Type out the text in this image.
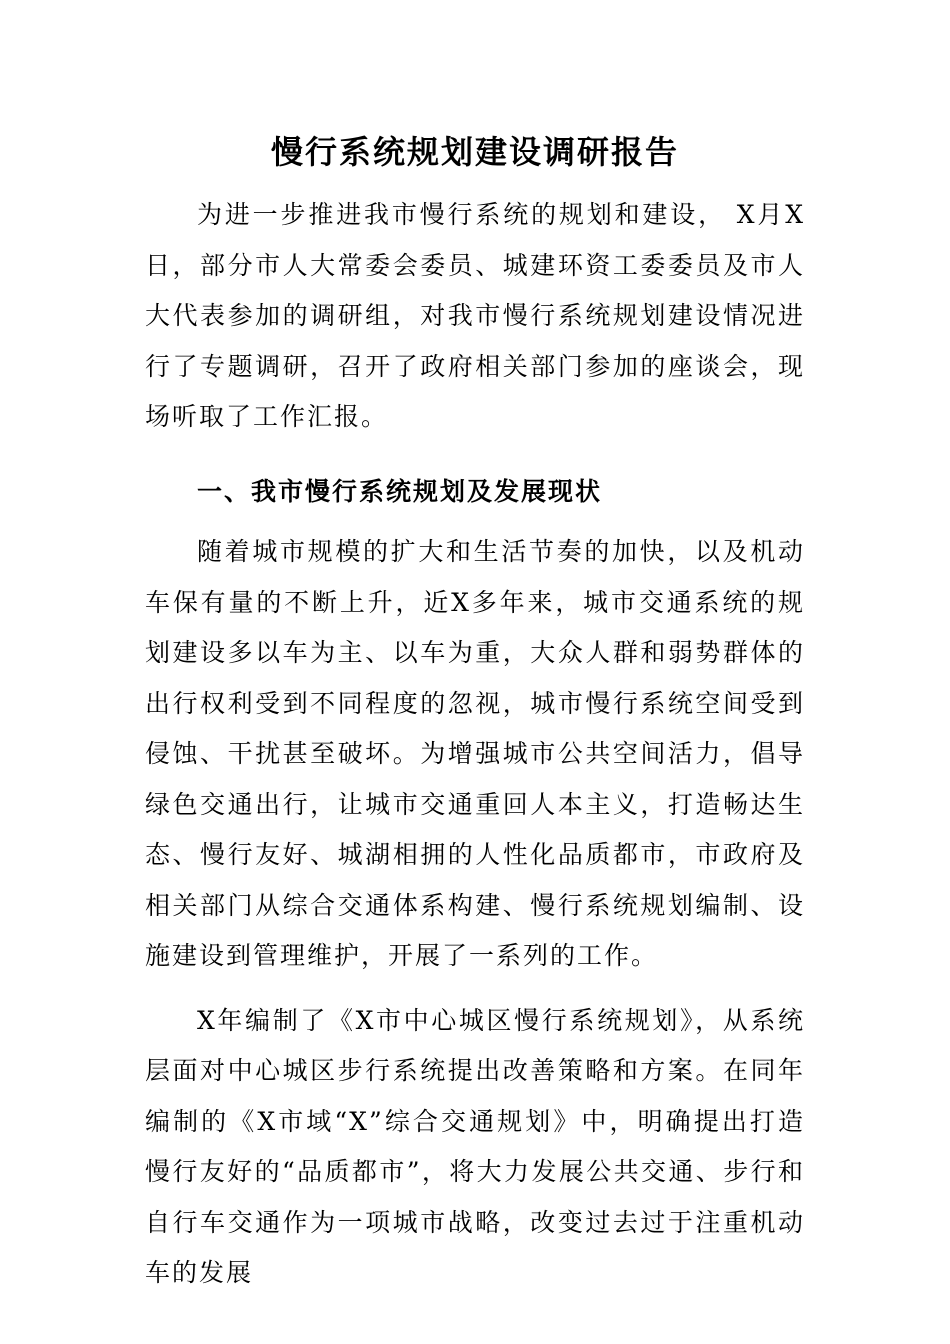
慢行系统规划建设调研报告

为进一步推进我市慢行系统的规划和建设， X月X日，部分市人大常委会委员、城建环资工委委员及市人大代表参加的调研组，对我市慢行系统规划建设情况进行了专题调研，召开了政府相关部门参加的座谈会，现场听取了工作汇报。

一、我市慢行系统规划及发展现状

随着城市规模的扩大和生活节奏的加快，以及机动车保有量的不断上升，近X多年来，城市交通系统的规划建设多以车为主、以车为重，大众人群和弱势群体的出行权利受到不同程度的忽视，城市慢行系统空间受到侵蚀、干扰甚至破坏。为增强城市公共空间活力，倡导绿色交通出行，让城市交通重回人本主义，打造畅达生态、慢行友好、城湖相拥的人性化品质都市，市政府及相关部门从综合交通体系构建、慢行系统规划编制、设施建设到管理维护，开展了一系列的工作。

X年编制了《X市中心城区慢行系统规划》，从系统层面对中心城区步行系统提出改善策略和方案。在同年编制的《X市域“X”综合交通规划》中，明确提出打造慢行友好的“品质都市”，将大力发展公共交通、步行和自行车交通作为一项城市战略，改变过去过于注重机动车的发展
